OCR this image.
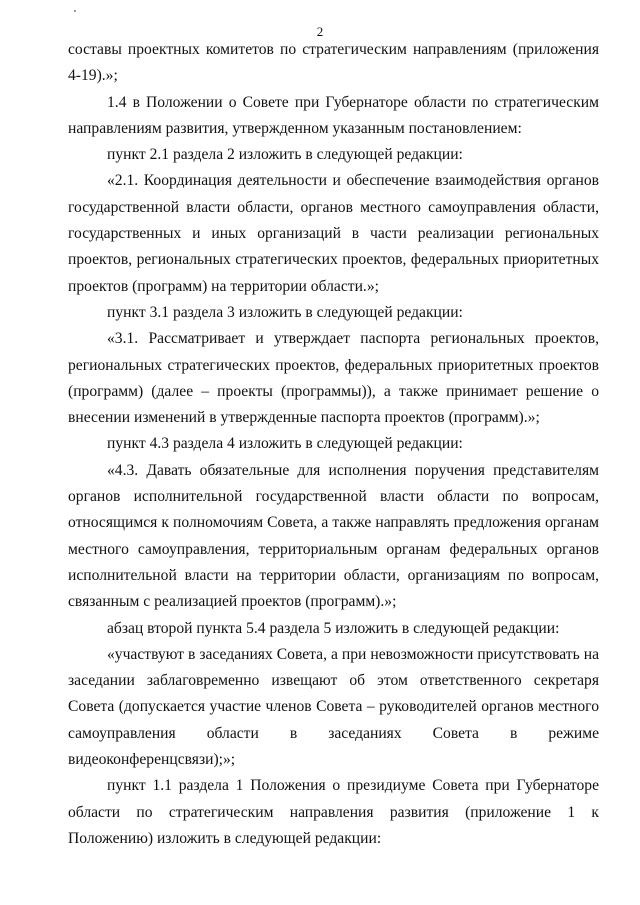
2

составы проектных комитетов по стратегическим направлениям (приложения 4-19).»;

1.4 в Положении о Совете при Губернаторе области по стратегическим направлениям развития, утвержденном указанным постановлением:

пункт 2.1 раздела 2 изложить в следующей редакции:

«2.1. Координация деятельности и обеспечение взаимодействия органов государственной власти области, органов местного самоуправления области, государственных и иных организаций в части реализации региональных проектов, региональных стратегических проектов, федеральных приоритетных проектов (программ) на территории области.»;

пункт 3.1 раздела 3 изложить в следующей редакции:

«3.1. Рассматривает и утверждает паспорта региональных проектов, региональных стратегических проектов, федеральных приоритетных проектов (программ) (далее – проекты (программы)), а также принимает решение о внесении изменений в утвержденные паспорта проектов (программ).»;

пункт 4.3 раздела 4 изложить в следующей редакции:

«4.3. Давать обязательные для исполнения поручения представителям органов исполнительной государственной власти области по вопросам, относящимся к полномочиям Совета, а также направлять предложения органам местного самоуправления, территориальным органам федеральных органов исполнительной власти на территории области, организациям по вопросам, связанным с реализацией проектов (программ).»;

абзац второй пункта 5.4 раздела 5 изложить в следующей редакции:

«участвуют в заседаниях Совета, а при невозможности присутствовать на заседании заблаговременно извещают об этом ответственного секретаря Совета (допускается участие членов Совета – руководителей органов местного самоуправления области в заседаниях Совета в режиме видеоконференцсвязи);»;

пункт 1.1 раздела 1 Положения о президиуме Совета при Губернаторе области по стратегическим направления развития (приложение 1 к Положению) изложить в следующей редакции:
